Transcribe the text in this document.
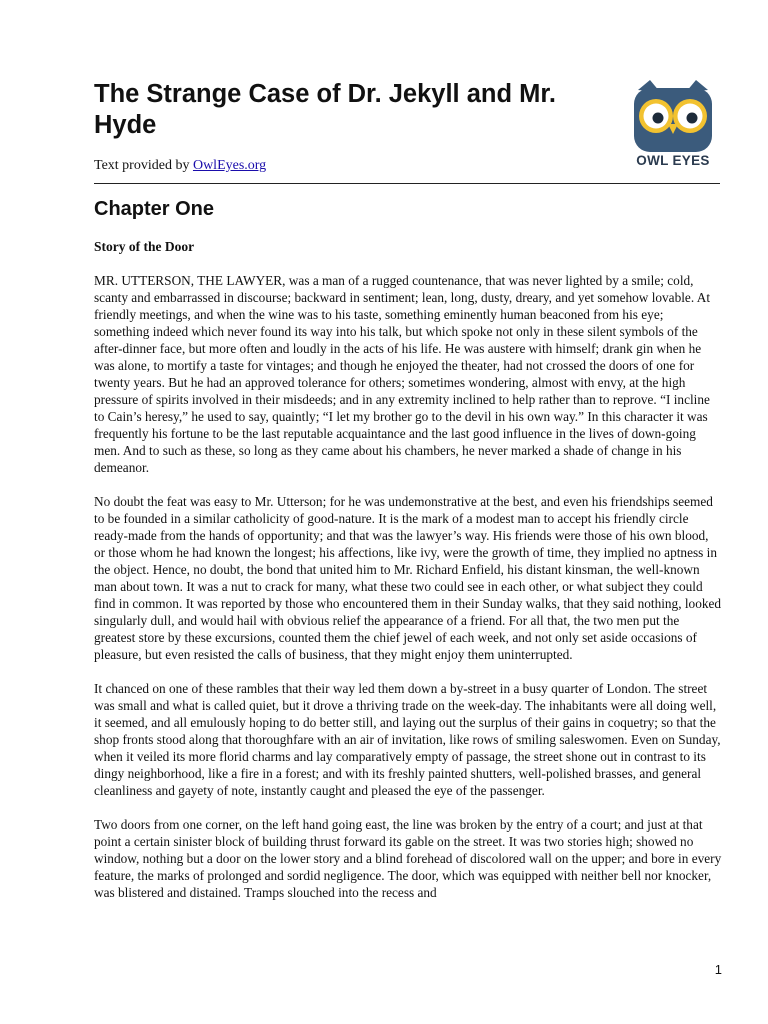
The Strange Case of Dr. Jekyll and Mr. Hyde

Text provided by OwlEyes.org	OWL EYES
Chapter One
Story of the Door

MR. UTTERSON, THE LAWYER, was a man of a rugged countenance, that was never lighted by a smile; cold, scanty and embarrassed in discourse; backward in sentiment; lean, long, dusty, dreary, and yet somehow lovable. At friendly meetings, and when the wine was to his taste, something eminently human beaconed from his eye; something indeed which never found its way into his talk, but which spoke not only in these silent symbols of the after-dinner face, but more often and loudly in the acts of his life. He was austere with himself; drank gin when he was alone, to mortify a taste for vintages; and though he enjoyed the theater, had not crossed the doors of one for twenty years. But he had an approved tolerance for others; sometimes wondering, almost with envy, at the high pressure of spirits involved in their misdeeds; and in any extremity inclined to help rather than to reprove. “I incline to Cain’s heresy,” he used to say, quaintly; “I let my brother go to the devil in his own way.” In this character it was frequently his fortune to be the last reputable acquaintance and the last good influence in the lives of down-going men. And to such as these, so long as they came about his chambers, he never marked a shade of change in his demeanor.

No doubt the feat was easy to Mr. Utterson; for he was undemonstrative at the best, and even his friendships seemed to be founded in a similar catholicity of good-nature. It is the mark of a modest man to accept his friendly circle ready-made from the hands of opportunity; and that was the lawyer’s way. His friends were those of his own blood, or those whom he had known the longest; his affections, like ivy, were the growth of time, they implied no aptness in the object. Hence, no doubt, the bond that united him to Mr. Richard Enfield, his distant kinsman, the well-known man about town. It was a nut to crack for many, what these two could see in each other, or what subject they could find in common. It was reported by those who encountered them in their Sunday walks, that they said nothing, looked singularly dull, and would hail with obvious relief the appearance of a friend. For all that, the two men put the greatest store by these excursions, counted them the chief jewel of each week, and not only set aside occasions of pleasure, but even resisted the calls of business, that they might enjoy them uninterrupted.

It chanced on one of these rambles that their way led them down a by-street in a busy quarter of London. The street was small and what is called quiet, but it drove a thriving trade on the week-day. The inhabitants were all doing well, it seemed, and all emulously hoping to do better still, and laying out the surplus of their gains in coquetry; so that the shop fronts stood along that thoroughfare with an air of invitation, like rows of smiling saleswomen. Even on Sunday, when it veiled its more florid charms and lay comparatively empty of passage, the street shone out in contrast to its dingy neighborhood, like a fire in a forest; and with its freshly painted shutters, well-polished brasses, and general cleanliness and gayety of note, instantly caught and pleased the eye of the passenger.

Two doors from one corner, on the left hand going east, the line was broken by the entry of a court; and just at that point a certain sinister block of building thrust forward its gable on the street. It was two stories high; showed no window, nothing but a door on the lower story and a blind forehead of discolored wall on the upper; and bore in every feature, the marks of prolonged and sordid negligence. The door, which was equipped with neither bell nor knocker, was blistered and distained. Tramps slouched into the recess and

1
